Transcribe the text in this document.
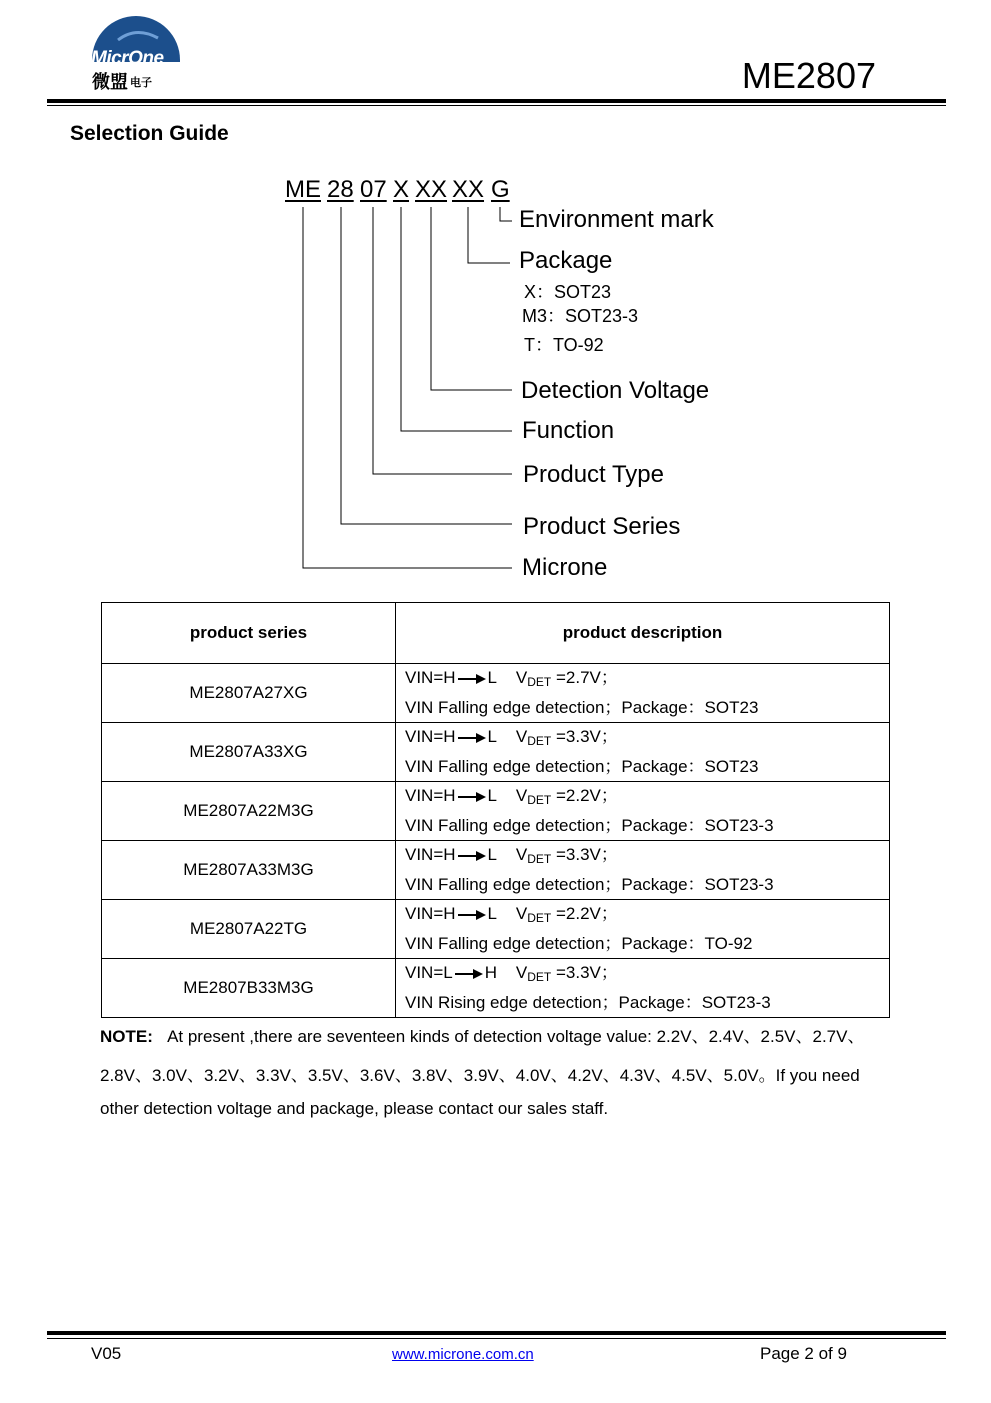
MicrOne
微盟 电子	ME2807
Selection Guide
ME 28 07 X XX XX G
Environment mark
Package
X：SOT23
M3：SOT23-3
T：TO-92
Detection Voltage
Function
Product Type
Product Series
Microne
product series	product description
ME2807A27XG	VIN=H L VDET =2.7V；
VIN Falling edge detection；Package：SOT23

ME2807A33XG	VIN=H L VDET =3.3V；
VIN Falling edge detection；Package：SOT23

ME2807A22M3G	VIN=H L VDET =2.2V；
VIN Falling edge detection；Package：SOT23-3

ME2807A33M3G	VIN=H L VDET =3.3V；
VIN Falling edge detection；Package：SOT23-3

ME2807A22TG	VIN=H L VDET =2.2V；
VIN Falling edge detection；Package：TO-92

ME2807B33M3G	VIN=L H VDET =3.3V；
VIN Rising edge detection；Package：SOT23-3
NOTE: At present ,there are seventeen kinds of detection voltage value: 2.2V、2.4V、2.5V、2.7V、
2.8V、3.0V、3.2V、3.3V、3.5V、3.6V、3.8V、3.9V、4.0V、4.2V、4.3V、4.5V、5.0V。If you need
other detection voltage and package, please contact our sales staff.
V05	www.microne.com.cn	Page 2 of 9
